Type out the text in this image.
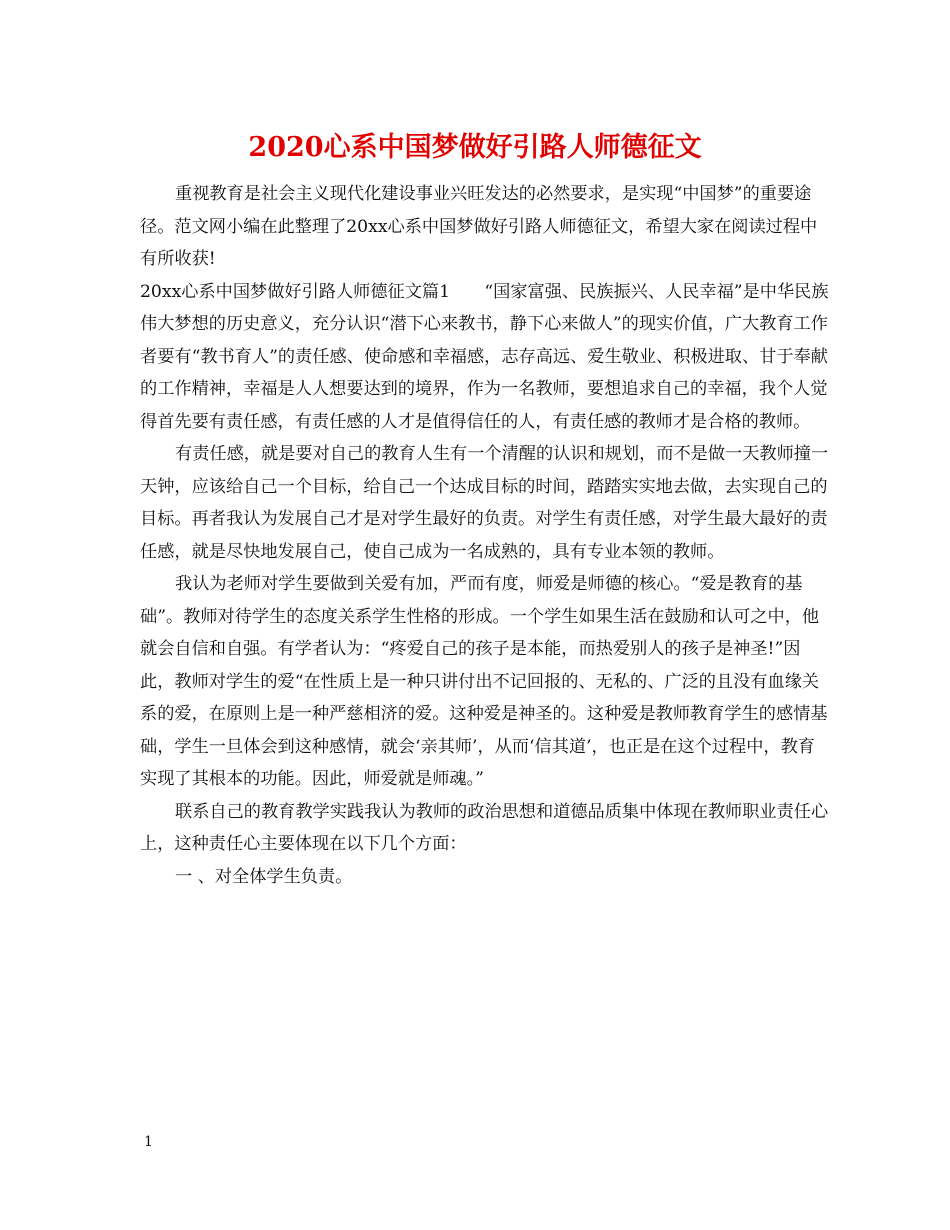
2020心系中国梦做好引路人师德征文

重视教育是社会主义现代化建设事业兴旺发达的必然要求，是实现“中国梦”的重要途径。范文网小编在此整理了20xx心系中国梦做好引路人师德征文，希望大家在阅读过程中有所收获!

20xx心系中国梦做好引路人师德征文篇1　　“国家富强、民族振兴、人民幸福”是中华民族伟大梦想的历史意义，充分认识“潜下心来教书，静下心来做人”的现实价值，广大教育工作者要有“教书育人”的责任感、使命感和幸福感，志存高远、爱生敬业、积极进取、甘于奉献的工作精神，幸福是人人想要达到的境界，作为一名教师，要想追求自己的幸福，我个人觉得首先要有责任感，有责任感的人才是值得信任的人，有责任感的教师才是合格的教师。

有责任感，就是要对自己的教育人生有一个清醒的认识和规划，而不是做一天教师撞一天钟，应该给自己一个目标，给自己一个达成目标的时间，踏踏实实地去做，去实现自己的目标。再者我认为发展自己才是对学生最好的负责。对学生有责任感，对学生最大最好的责任感，就是尽快地发展自己，使自己成为一名成熟的，具有专业本领的教师。

我认为老师对学生要做到关爱有加，严而有度，师爱是师德的核心。“爱是教育的基础”。教师对待学生的态度关系学生性格的形成。一个学生如果生活在鼓励和认可之中，他就会自信和自强。有学者认为：“疼爱自己的孩子是本能，而热爱别人的孩子是神圣!”因此，教师对学生的爱“在性质上是一种只讲付出不记回报的、无私的、广泛的且没有血缘关系的爱，在原则上是一种严慈相济的爱。这种爱是神圣的。这种爱是教师教育学生的感情基础，学生一旦体会到这种感情，就会‘亲其师’，从而‘信其道’，也正是在这个过程中，教育实现了其根本的功能。因此，师爱就是师魂。”

联系自己的教育教学实践我认为教师的政治思想和道德品质集中体现在教师职业责任心上，这种责任心主要体现在以下几个方面：

一 、对全体学生负责。

1
